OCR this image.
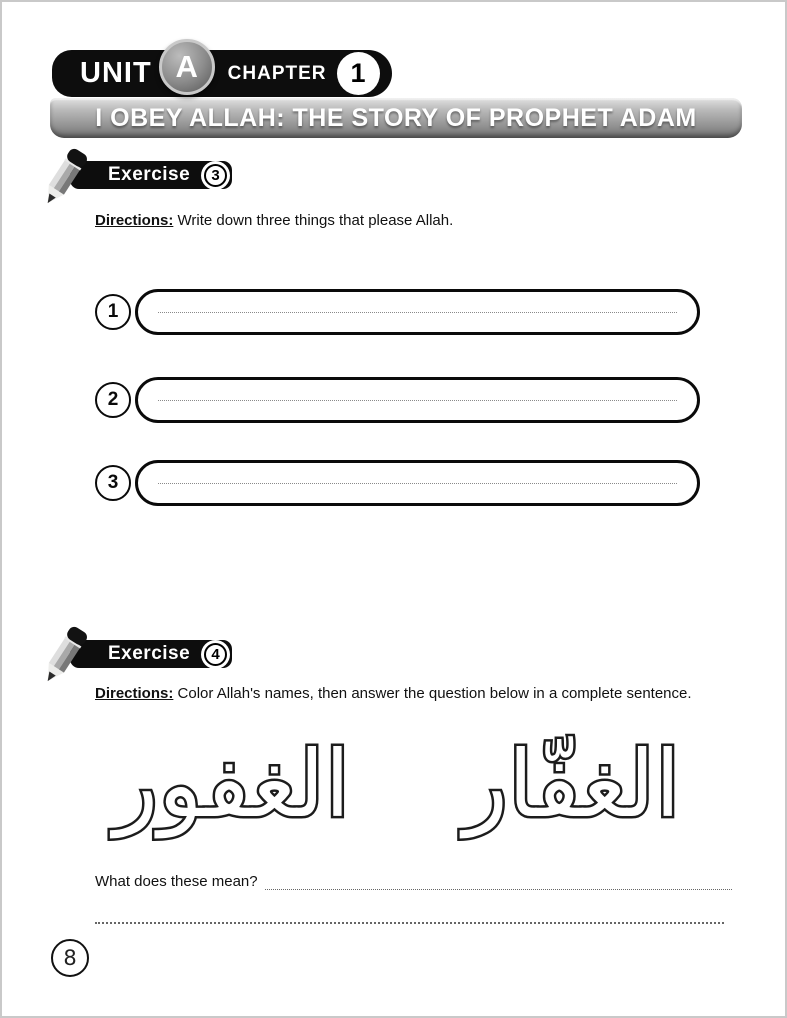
UNIT A	CHAPTER 1
I OBEY ALLAH: THE STORY OF PROPHET ADAM
Exercise	3

Directions: Write down three things that please Allah.

1
2
3
Exercise	4

Directions: Color Allah's names, then answer the question below in a complete sentence.

الغفّار
الغفور
What does these mean?
8
